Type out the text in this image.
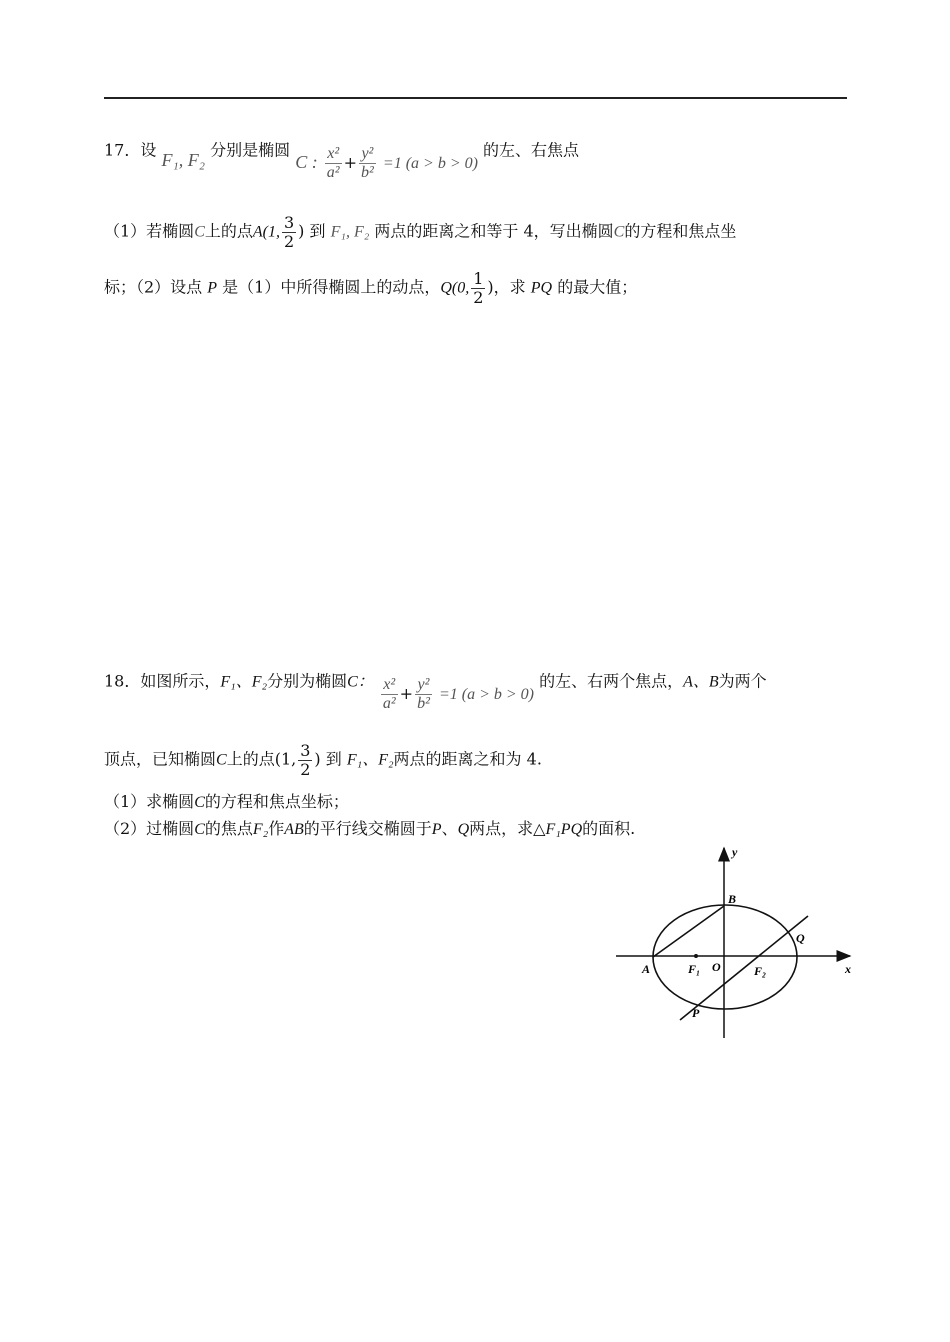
17．设 F₁, F₂ 分别是椭圆 C : $\frac{\text{x²}}{\text{a²}} + \frac{\text{y²}}{\text{b²}} =1$ (a > b > 0) 的左、右焦点
（1）若椭圆C上的点A(1, $\frac{3}{2}$ ) 到 F₁, F₂ 两点的距离之和等于 4，写出椭圆C的方程和焦点坐
标；（2）设点 P 是（1）中所得椭圆上的动点，Q(0, $\frac{1}{2}$ )，求 PQ 的最大值；
18．如图所示，F₁、F₂分别为椭圆C： $\frac{\text{x²}}{\text{a²}} + \frac{\text{y²}}{\text{b²}} =1$ (a > b > 0) 的左、右两个焦点，A、B为两个
顶点，已知椭圆C上的点(1, $\frac{3}{2}$ ) 到 F₁、F₂两点的距离之和为 4.
（1）求椭圆C的方程和焦点坐标；
（2）过椭圆C的焦点F₂作AB的平行线交椭圆于P、Q两点，求△F₁PQ的面积.
y
x
B
Q
A	F₁ O	F₂
P
